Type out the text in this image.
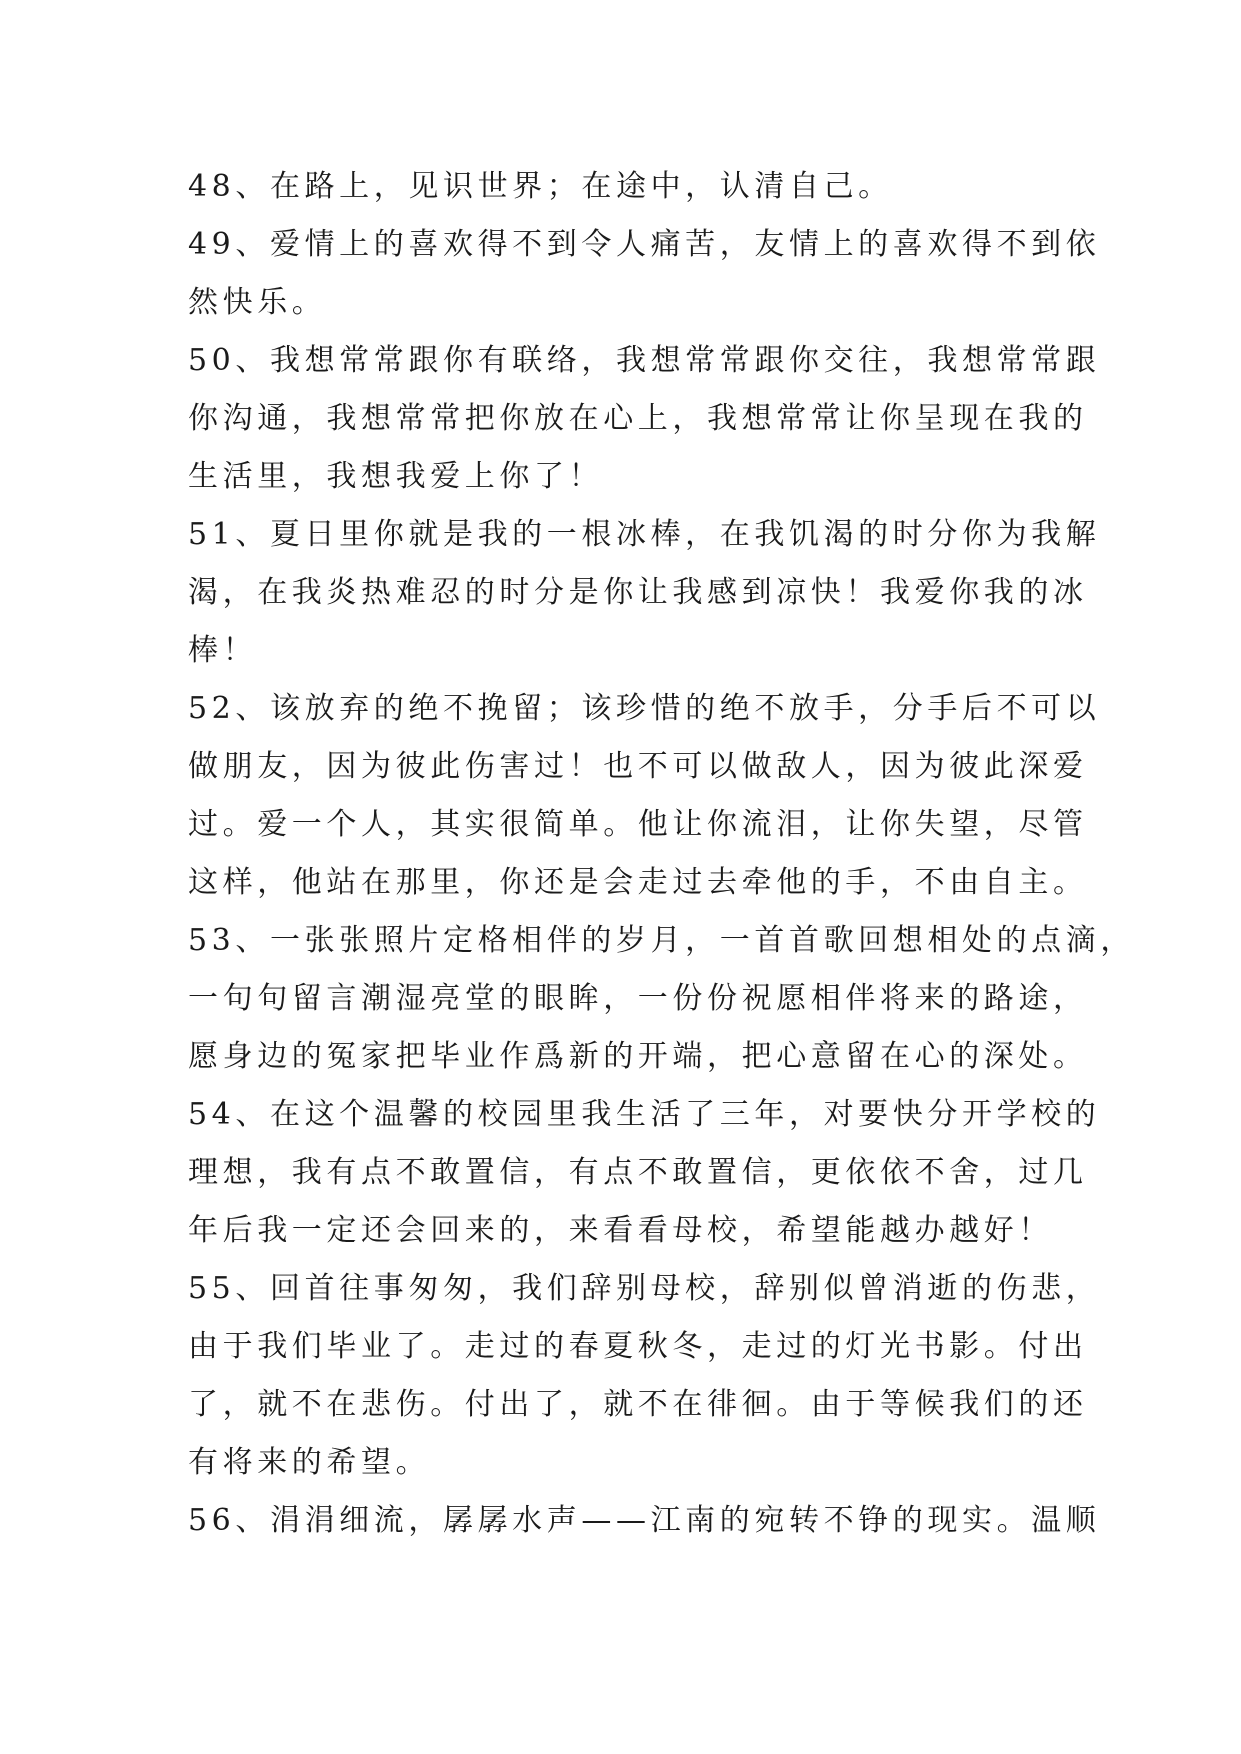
48、在路上，见识世界；在途中，认清自己。
49、爱情上的喜欢得不到令人痛苦，友情上的喜欢得不到依
然快乐。
50、我想常常跟你有联络，我想常常跟你交往，我想常常跟
你沟通，我想常常把你放在心上，我想常常让你呈现在我的
生活里，我想我爱上你了！
51、夏日里你就是我的一根冰棒，在我饥渴的时分你为我解
渴，在我炎热难忍的时分是你让我感到凉快！我爱你我的冰
棒！
52、该放弃的绝不挽留；该珍惜的绝不放手，分手后不可以
做朋友，因为彼此伤害过！也不可以做敌人，因为彼此深爱
过。爱一个人，其实很简单。他让你流泪，让你失望，尽管
这样，他站在那里，你还是会走过去牵他的手，不由自主。
53、一张张照片定格相伴的岁月，一首首歌回想相处的点滴，
一句句留言潮湿亮堂的眼眸，一份份祝愿相伴将来的路途，
愿身边的冤家把毕业作爲新的开端，把心意留在心的深处。
54、在这个温馨的校园里我生活了三年，对要快分开学校的
理想，我有点不敢置信，有点不敢置信，更依依不舍，过几
年后我一定还会回来的，来看看母校，希望能越办越好！
55、回首往事匆匆，我们辞别母校，辞别似曾消逝的伤悲，
由于我们毕业了。走过的春夏秋冬，走过的灯光书影。付出
了，就不在悲伤。付出了，就不在徘徊。由于等候我们的还
有将来的希望。
56、涓涓细流，孱孱水声——江南的宛转不铮的现实。温顺
